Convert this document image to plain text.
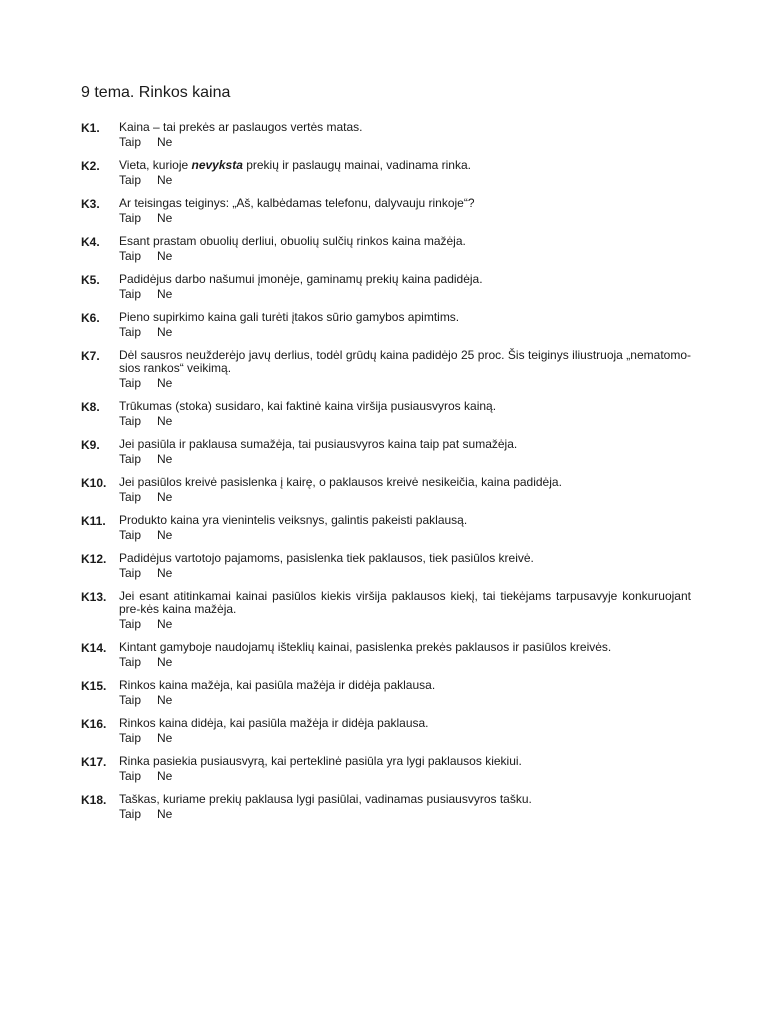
9 tema. Rinkos kaina
K1.	Kaina – tai prekės ar paslaugos vertės matas.
Taip Ne
K2.	Vieta, kurioje nevyksta prekių ir paslaugų mainai, vadinama rinka.
Taip Ne
K3.	Ar teisingas teiginys: „Aš, kalbėdamas telefonu, dalyvauju rinkoje“?
Taip Ne
K4.	Esant prastam obuolių derliui, obuolių sulčių rinkos kaina mažėja.
Taip Ne
K5.	Padidėjus darbo našumui įmonėje, gaminamų prekių kaina padidėja.
Taip Ne
K6.	Pieno supirkimo kaina gali turėti įtakos sūrio gamybos apimtims.
Taip Ne
K7.	Dėl sausros neužderėjo javų derlius, todėl grūdų kaina padidėjo 25 proc. Šis teiginys iliustruoja „nematomo-sios rankos“ veikimą.
Taip Ne
K8.	Trūkumas (stoka) susidaro, kai faktinė kaina viršija pusiausvyros kainą.
Taip Ne
K9.	Jei pasiūla ir paklausa sumažėja, tai pusiausvyros kaina taip pat sumažėja.
Taip Ne
K10.	Jei pasiūlos kreivė pasislenka į kairę, o paklausos kreivė nesikeičia, kaina padidėja.
Taip Ne
K11.	Produkto kaina yra vienintelis veiksnys, galintis pakeisti paklausą.
Taip Ne
K12.	Padidėjus vartotojo pajamoms, pasislenka tiek paklausos, tiek pasiūlos kreivė.
Taip Ne
K13.	Jei esant atitinkamai kainai pasiūlos kiekis viršija paklausos kiekį, tai tiekėjams tarpusavyje konkuruojant pre-kės kaina mažėja.
Taip Ne
K14.	Kintant gamyboje naudojamų išteklių kainai, pasislenka prekės paklausos ir pasiūlos kreivės.
Taip Ne
K15.	Rinkos kaina mažėja, kai pasiūla mažėja ir didėja paklausa.
Taip Ne
K16.	Rinkos kaina didėja, kai pasiūla mažėja ir didėja paklausa.
Taip Ne
K17.	Rinka pasiekia pusiausvyrą, kai perteklinė pasiūla yra lygi paklausos kiekiui.
Taip Ne
K18.	Taškas, kuriame prekių paklausa lygi pasiūlai, vadinamas pusiausvyros tašku.
Taip Ne
